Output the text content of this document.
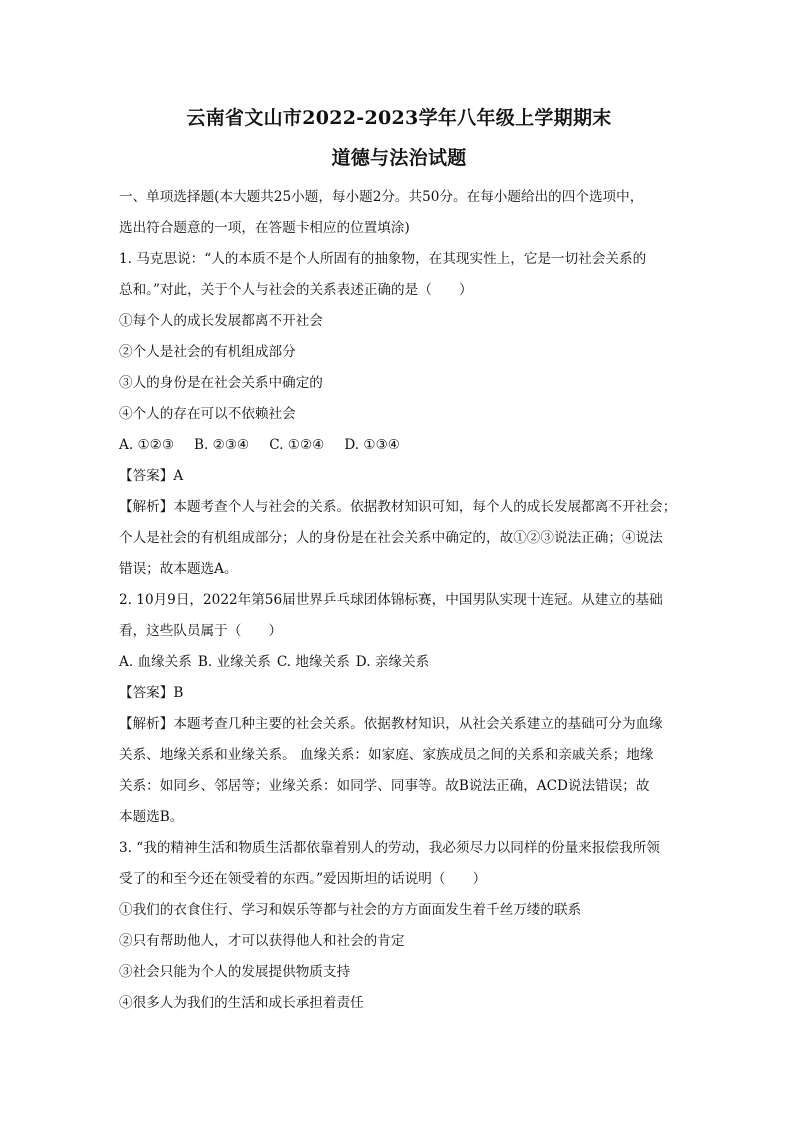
云南省文山市2022-2023学年八年级上学期期末
道德与法治试题

一、单项选择题(本大题共25小题，每小题2分。共50分。在每小题给出的四个选项中，

选出符合题意的一项，在答题卡相应的位置填涂)

1. 马克思说：“人的本质不是个人所固有的抽象物，在其现实性上，它是一切社会关系的

总和。”对此，关于个人与社会的关系表述正确的是（　　）

①每个人的成长发展都离不开社会

②个人是社会的有机组成部分

③人的身份是在社会关系中确定的

④个人的存在可以不依赖社会

A. ①②③ B. ②③④ C. ①②④ D. ①③④

【答案】A

【解析】本题考查个人与社会的关系。依据教材知识可知，每个人的成长发展都离不开社会；

个人是社会的有机组成部分；人的身份是在社会关系中确定的，故①②③说法正确；④说法

错误；故本题选A。

2. 10月9日，2022年第56届世界乒乓球团体锦标赛，中国男队实现十连冠。从建立的基础

看，这些队员属于（　　）

A. 血缘关系 B. 业缘关系 C. 地缘关系 D. 亲缘关系

【答案】B

【解析】本题考查几种主要的社会关系。依据教材知识，从社会关系建立的基础可分为血缘

关系、地缘关系和业缘关系。 血缘关系：如家庭、家族成员之间的关系和亲戚关系；地缘

关系：如同乡、邻居等；业缘关系：如同学、同事等。故B说法正确，ACD说法错误；故

本题选B。

3. “我的精神生活和物质生活都依靠着别人的劳动，我必须尽力以同样的份量来报偿我所领

受了的和至今还在领受着的东西。”爱因斯坦的话说明（　　）

①我们的衣食住行、学习和娱乐等都与社会的方方面面发生着千丝万缕的联系

②只有帮助他人，才可以获得他人和社会的肯定

③社会只能为个人的发展提供物质支持

④很多人为我们的生活和成长承担着责任
